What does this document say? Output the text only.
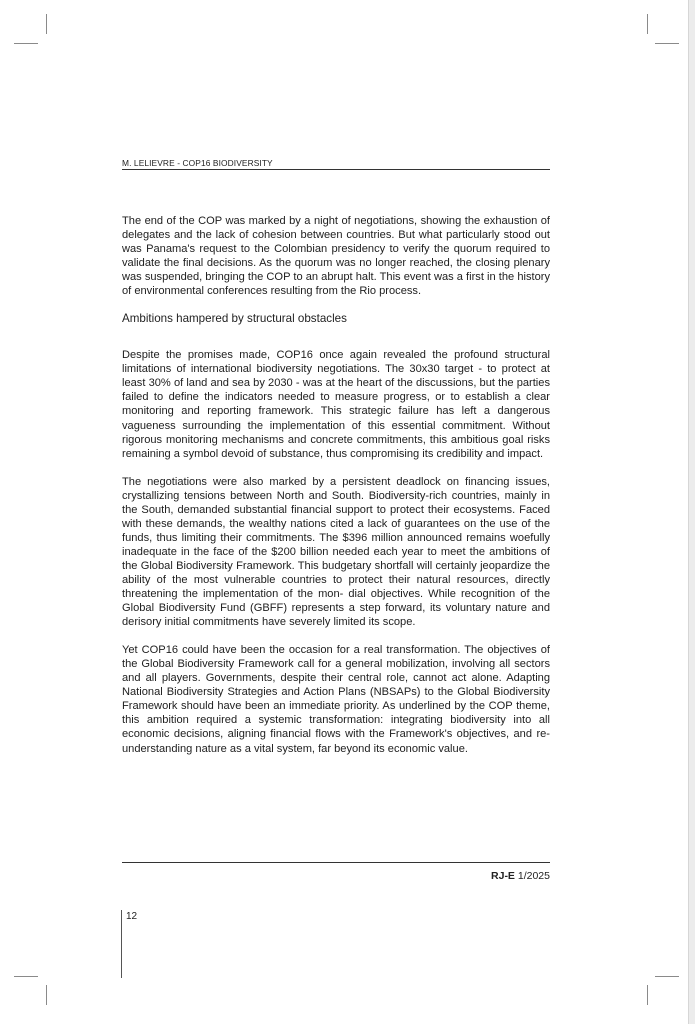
M. LELIEVRE - COP16 BIODIVERSITY

The end of the COP was marked by a night of negotiations, showing the exhaustion of delegates and the lack of cohesion between countries. But what particularly stood out was Panama's request to the Colombian presidency to verify the quorum required to validate the final decisions. As the quorum was no longer reached, the closing plenary was suspended, bringing the COP to an abrupt halt. This event was a first in the history of environmental conferences resulting from the Rio process.

Ambitions hampered by structural obstacles

Despite the promises made, COP16 once again revealed the profound structural limitations of international biodiversity negotiations. The 30x30 target - to protect at least 30% of land and sea by 2030 - was at the heart of the discussions, but the parties failed to define the indicators needed to measure progress, or to establish a clear monitoring and reporting framework. This strategic failure has left a dangerous vagueness surrounding the implementation of this essential commitment. Without rigorous monitoring mechanisms and concrete commitments, this ambitious goal risks remaining a symbol devoid of substance, thus compromising its credibility and impact.

The negotiations were also marked by a persistent deadlock on financing issues, crystallizing tensions between North and South. Biodiversity-rich countries, mainly in the South, demanded substantial financial support to protect their ecosystems. Faced with these demands, the wealthy nations cited a lack of guarantees on the use of the funds, thus limiting their commitments. The $396 million announced remains woefully inadequate in the face of the $200 billion needed each year to meet the ambitions of the Global Biodiversity Framework. This budgetary shortfall will certainly jeopardize the ability of the most vulnerable countries to protect their natural resources, directly threatening the implementation of the mon- dial objectives. While recognition of the Global Biodiversity Fund (GBFF) represents a step forward, its voluntary nature and derisory initial commitments have severely limited its scope.

Yet COP16 could have been the occasion for a real transformation. The objectives of the Global Biodiversity Framework call for a general mobilization, involving all sectors and all players. Governments, despite their central role, cannot act alone. Adapting National Biodiversity Strategies and Action Plans (NBSAPs) to the Global Biodiversity Framework should have been an immediate priority. As underlined by the COP theme, this ambition required a systemic transformation: integrating biodiversity into all economic decisions, aligning financial flows with the Framework's objectives, and re-understanding nature as a vital system, far beyond its economic value.

RJ-E 1/2025
12
